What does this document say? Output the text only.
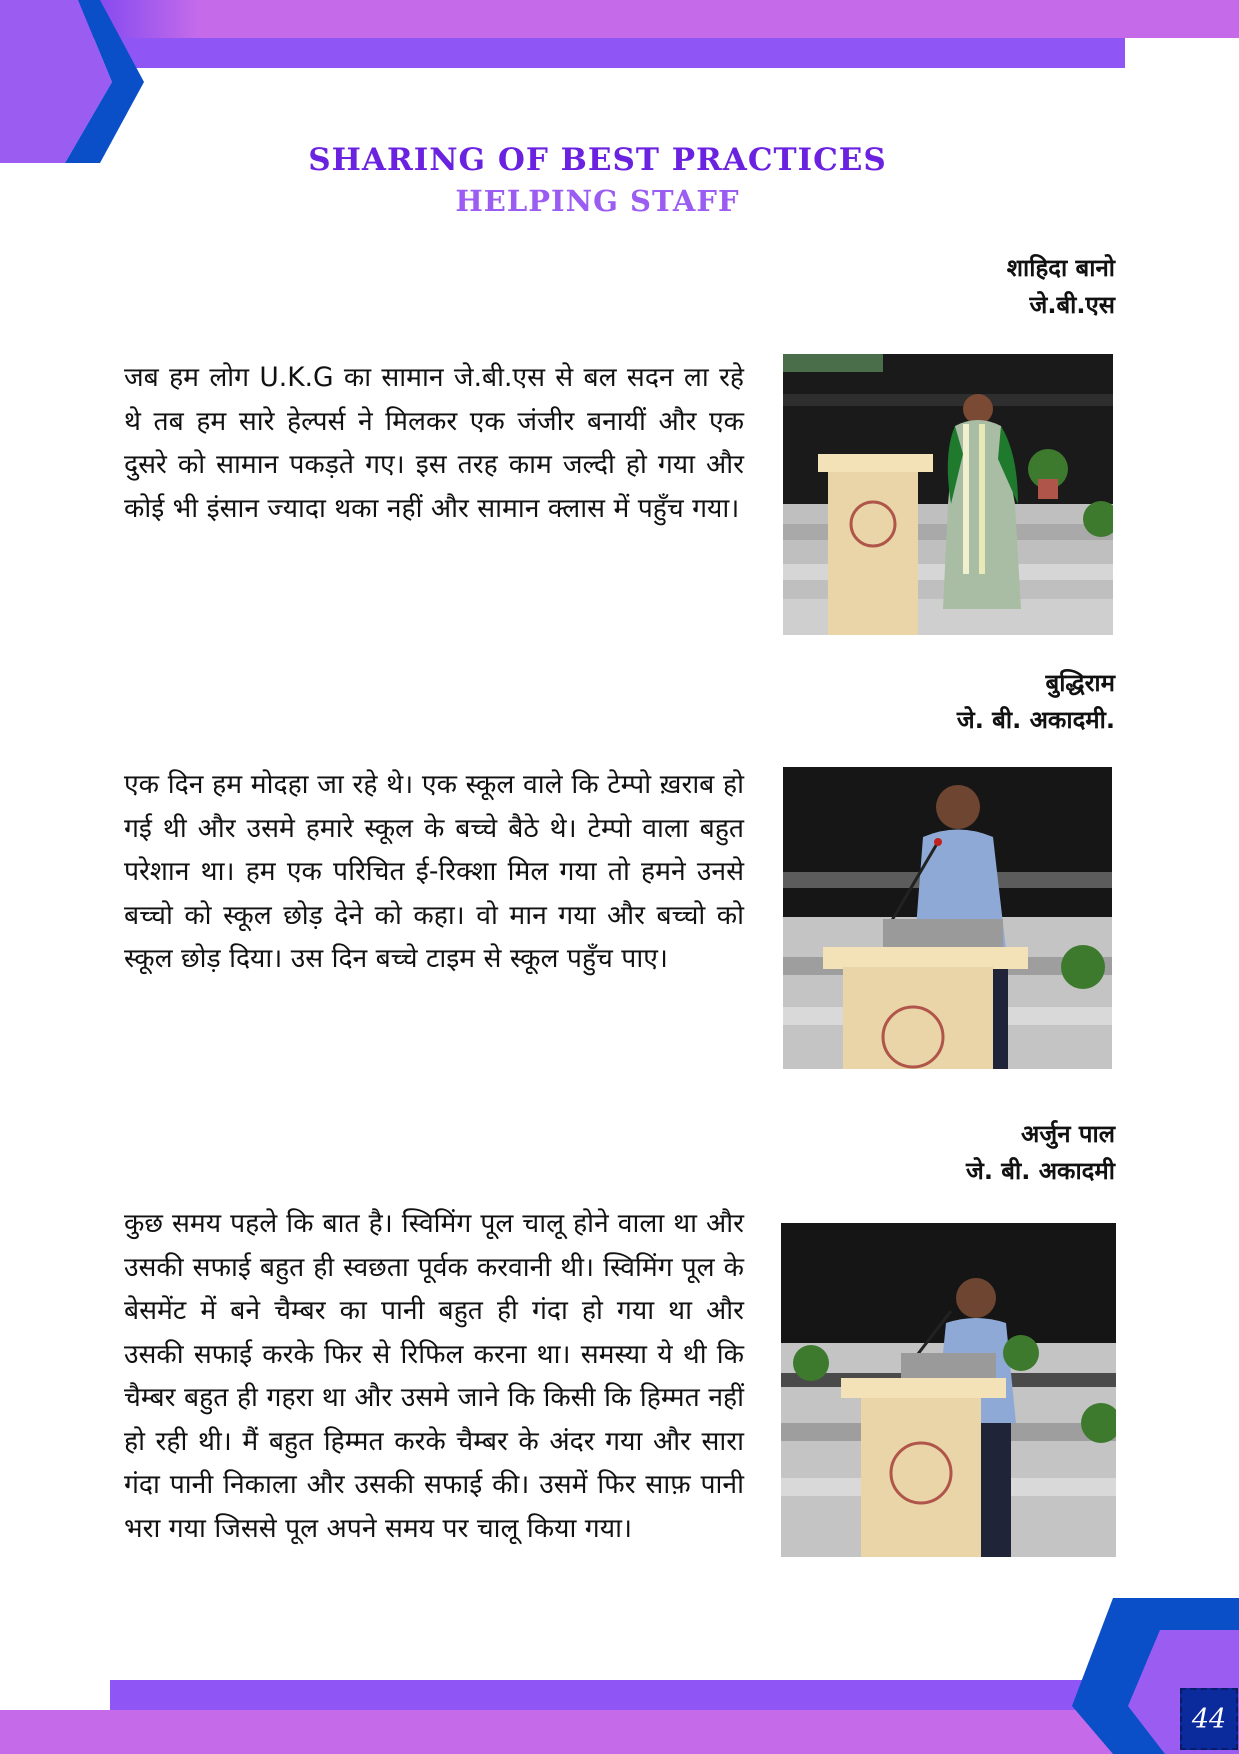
SHARING OF BEST PRACTICES
HELPING STAFF
शाहिदा बानो
जे.बी.एस
जब हम लोग U.K.G का सामान जे.बी.एस से बल सदन ला रहे थे तब हम सारे हेल्पर्स ने मिलकर एक जंजीर बनायीं और एक दुसरे को सामान पकड़ते गए। इस तरह काम जल्दी हो गया और कोई भी इंसान ज्यादा थका नहीं और सामान क्लास में पहुँच गया।
बुद्धिराम
जे. बी. अकादमी.
एक दिन हम मोदहा जा रहे थे। एक स्कूल वाले कि टेम्पो ख़राब हो गई थी और उसमे हमारे स्कूल के बच्चे बैठे थे। टेम्पो वाला बहुत परेशान था। हम एक परिचित ई-रिक्शा मिल गया तो हमने उनसे बच्चो को स्कूल छोड़ देने को कहा। वो मान गया और बच्चो को स्कूल छोड़ दिया। उस दिन बच्चे टाइम से स्कूल पहुँच पाए।
अर्जुन पाल
जे. बी. अकादमी
कुछ समय पहले कि बात है। स्विमिंग पूल चालू होने वाला था और उसकी सफाई बहुत ही स्वछता पूर्वक करवानी थी। स्विमिंग पूल के बेसमेंट में बने चैम्बर का पानी बहुत ही गंदा हो गया था और उसकी सफाई करके फिर से रिफिल करना था। समस्या ये थी कि चैम्बर बहुत ही गहरा था और उसमे जाने कि किसी कि हिम्मत नहीं हो रही थी। मैं बहुत हिम्मत करके चैम्बर के अंदर गया और सारा गंदा पानी निकाला और उसकी सफाई की। उसमें फिर साफ़ पानी भरा गया जिससे पूल अपने समय पर चालू किया गया।
44
